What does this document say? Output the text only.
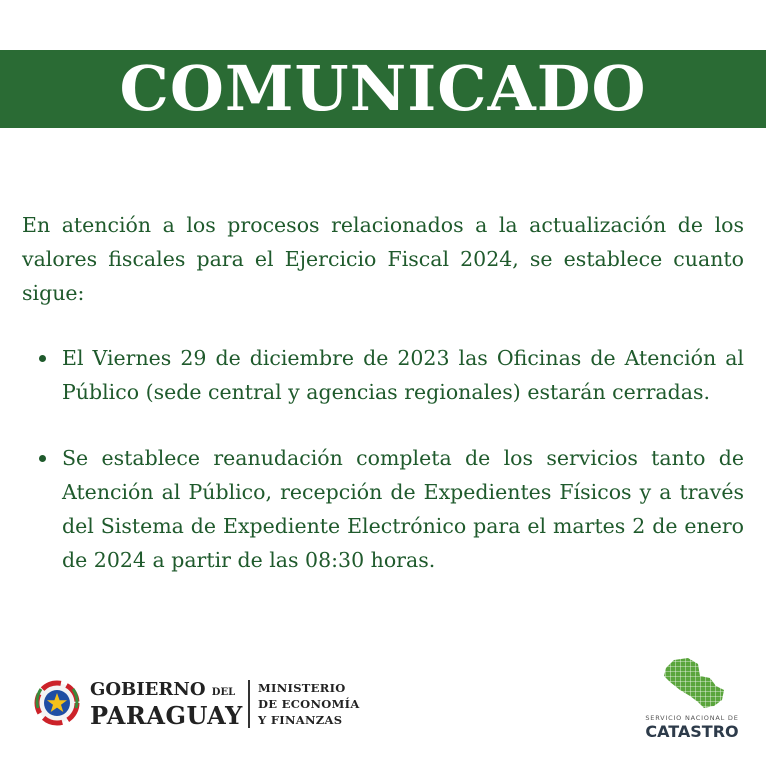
COMUNICADO

En atención a los procesos relacionados a la actualización de los valores fiscales para el Ejercicio Fiscal 2024, se establece cuanto sigue:

El Viernes 29 de diciembre de 2023 las Oficinas de Atención al Público (sede central y agencias regionales) estarán cerradas.
Se establece reanudación completa de los servicios tanto de Atención al Público, recepción de Expedientes Físicos y a través del Sistema de Expediente Electrónico para el martes 2 de enero de 2024 a partir de las 08:30 horas.
GOBIERNO DEL
PARAGUAY
MINISTERIO
DE ECONOMÍA
Y FINANZAS	SERVICIO NACIONAL DE
CATASTRO
